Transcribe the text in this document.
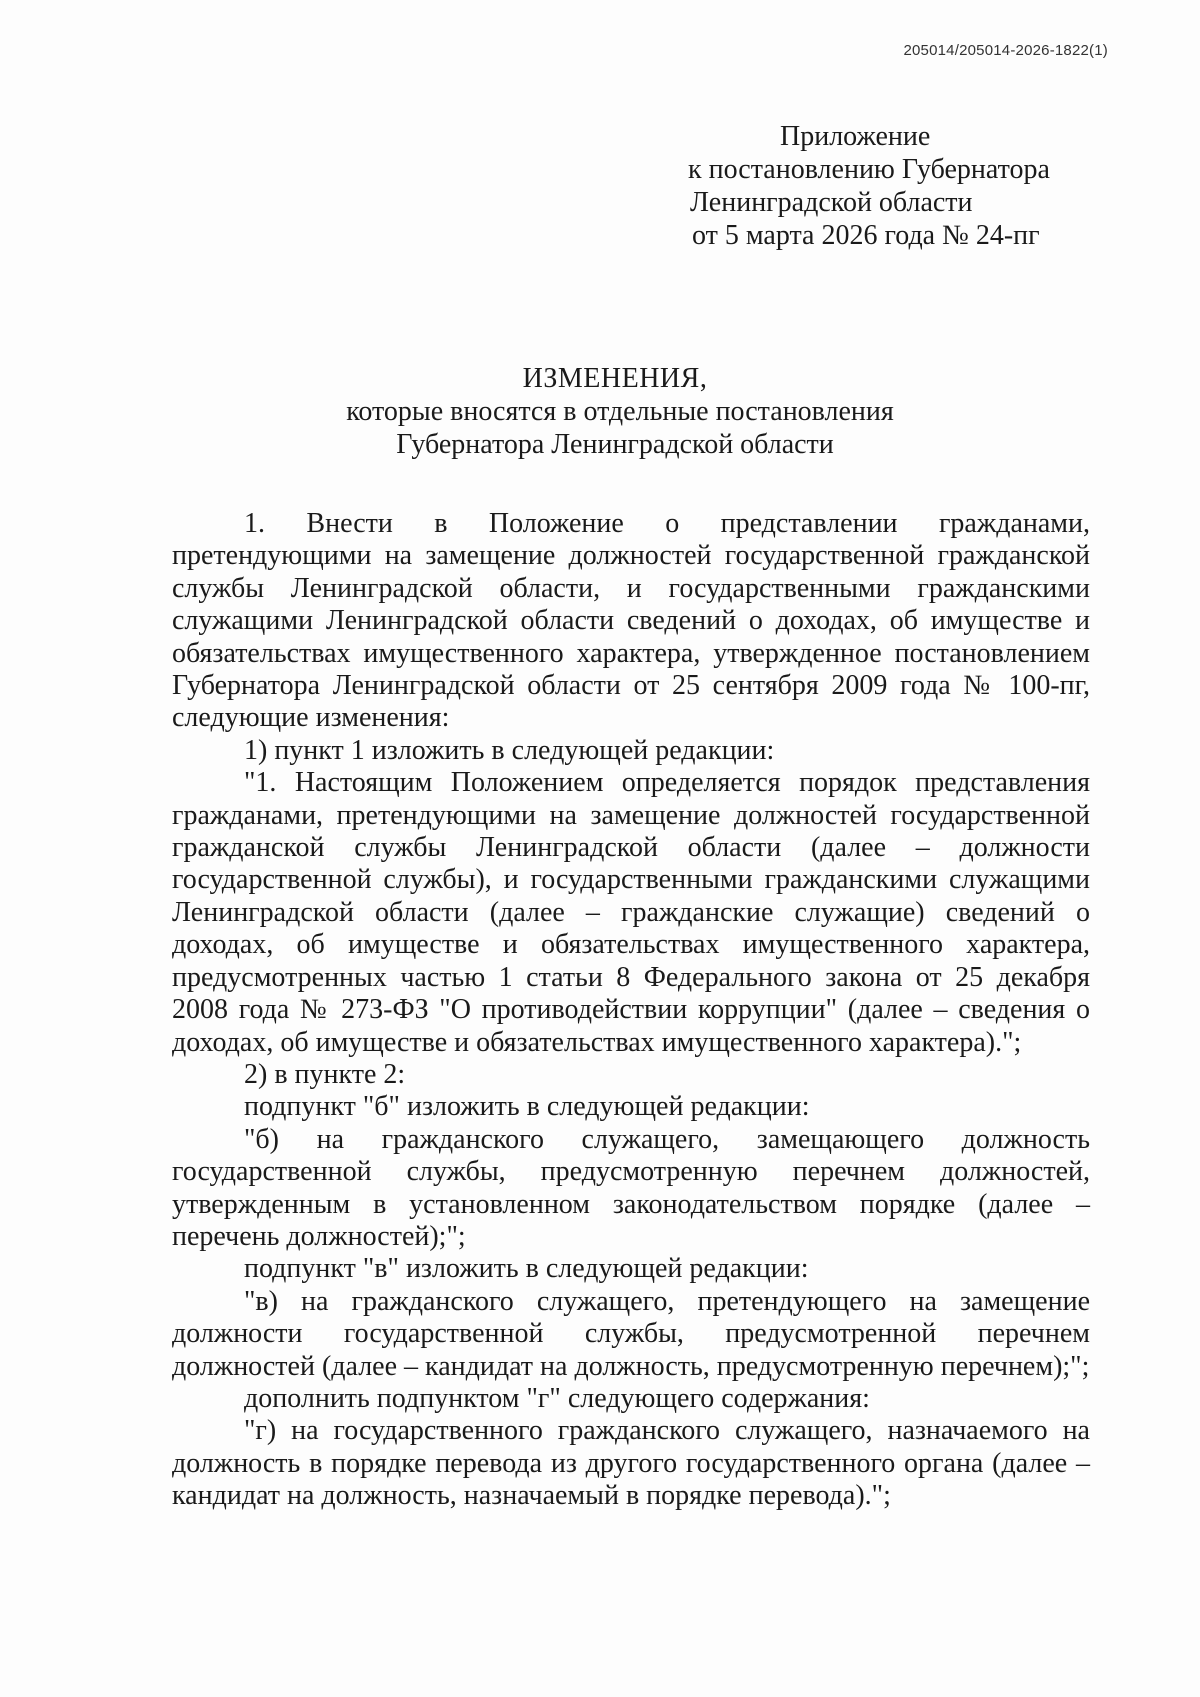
205014/205014-2026-1822(1)
Приложение
к постановлению Губернатора
Ленинградской области
от 5 марта 2026 года № 24-пг
ИЗМЕНЕНИЯ,
которые вносятся в отдельные постановления
Губернатора Ленинградской области

1. Внести в Положение о представлении гражданами, претендующими на замещение должностей государственной гражданской службы Ленинградской области, и государственными гражданскими служащими Ленинградской области сведений о доходах, об имуществе и обязательствах имущественного характера, утвержденное постановлением Губернатора Ленинградской области от 25 сентября 2009 года № 100-пг, следующие изменения:

1) пункт 1 изложить в следующей редакции:

"1. Настоящим Положением определяется порядок представления гражданами, претендующими на замещение должностей государственной гражданской службы Ленинградской области (далее – должности государственной службы), и государственными гражданскими служащими Ленинградской области (далее – гражданские служащие) сведений о доходах, об имуществе и обязательствах имущественного характера, предусмотренных частью 1 статьи 8 Федерального закона от 25 декабря 2008 года № 273-ФЗ "О противодействии коррупции" (далее – сведения о доходах, об имуществе и обязательствах имущественного характера).";

2) в пункте 2:

подпункт "б" изложить в следующей редакции:

"б) на гражданского служащего, замещающего должность государственной службы, предусмотренную перечнем должностей, утвержденным в установленном законодательством порядке (далее – перечень должностей);";

подпункт "в" изложить в следующей редакции:

"в) на гражданского служащего, претендующего на замещение должности государственной службы, предусмотренной перечнем должностей (далее – кандидат на должность, предусмотренную перечнем);";

дополнить подпунктом "г" следующего содержания:

"г) на государственного гражданского служащего, назначаемого на должность в порядке перевода из другого государственного органа (далее – кандидат на должность, назначаемый в порядке перевода).";
